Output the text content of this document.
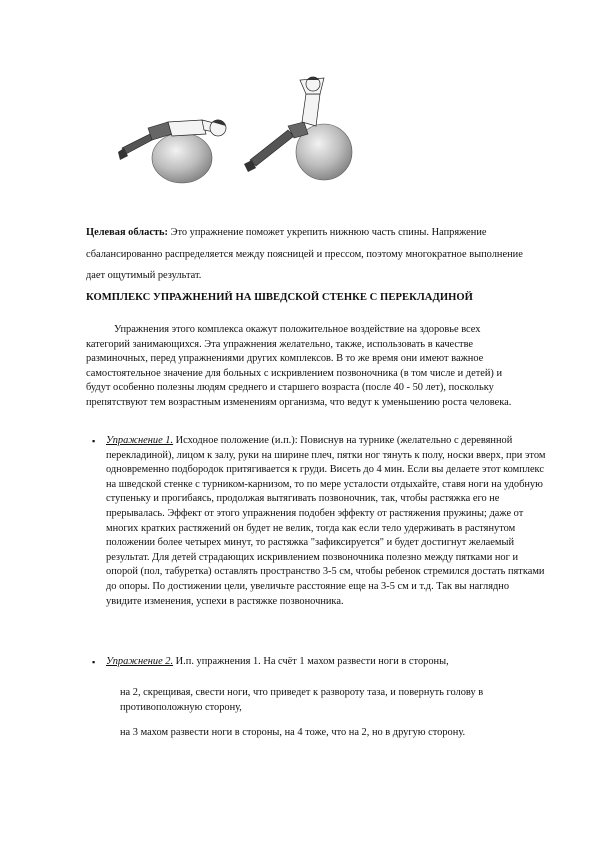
Целевая область: Это упражнение поможет укрепить нижнюю часть спины. Напряжение сбалансированно распределяется между поясницей и прессом, поэтому многократное выполнение дает ощутимый результат.
КОМПЛЕКС УПРАЖНЕНИЙ НА ШВЕДСКОЙ СТЕНКЕ С ПЕРЕКЛАДИНОЙ
Упражнения этого комплекса окажут положительное воздействие на здоровье всех категорий занимающихся. Эта упражнения желательно, также, использовать в качестве разминочных, перед упражнениями других комплексов. В то же время они имеют важное самостоятельное значение для больных с искривлением позвоночника (в том числе и детей) и будут особенно полезны людям среднего и старшего возраста (после 40 - 50 лет), поскольку препятствуют тем возрастным изменениям организма, что ведут к уменьшению роста человека.
▪ Упражнение 1. Исходное положение (и.п.): Повиснув на турнике (желательно с деревянной перекладиной), лицом к залу, руки на ширине плеч, пятки ног тянуть к полу, носки вверх, при этом одновременно подбородок притягивается к груди. Висеть до 4 мин. Если вы делаете этот комплекс на шведской стенке с турником-карнизом, то по мере усталости отдыхайте, ставя ноги на удобную ступеньку и прогибаясь, продолжая вытягивать позвоночник, так, чтобы растяжка его не прерывалась. Эффект от этого упражнения подобен эффекту от растяжения пружины; даже от многих кратких растяжений он будет не велик, тогда как если тело удерживать в растянутом положении более четырех минут, то растяжка "зафиксируется" и будет достигнут желаемый результат. Для детей страдающих искривлением позвоночника полезно между пятками ног и опорой (пол, табуретка) оставлять пространство 3-5 см, чтобы ребенок стремился достать пятками до опоры. По достижении цели, увеличьте расстояние еще на 3-5 см и т.д. Так вы наглядно увидите изменения, успехи в растяжке позвоночника.
▪ Упражнение 2. И.п. упражнения 1. На счёт 1 махом развести ноги в стороны,
на 2, скрещивая, свести ноги, что приведет к развороту таза, и повернуть голову в противоположную сторону,
на 3 махом развести ноги в стороны, на 4 тоже, что на 2, но в другую сторону.
